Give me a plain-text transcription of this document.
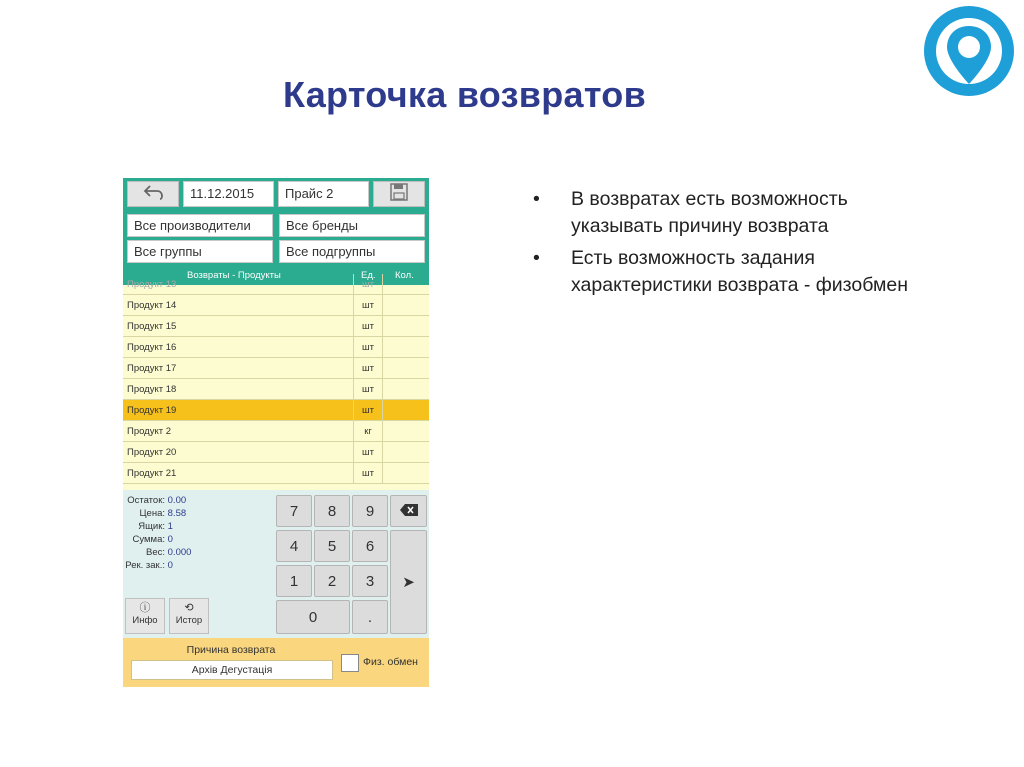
Карточка возвратов
•	В возвратах есть возможность указывать причину возврата
•	Есть возможность задания характеристики возврата - физобмен
11.12.2015	Прайс 2
Все производители	Все бренды
Все группы	Все подгруппы
Возвраты - Продукты	Ед. Кол.
Продукт 13	шт
Продукт 14	шт
Продукт 15	шт
Продукт 16	шт
Продукт 17	шт
Продукт 18	шт
Продукт 19	шт
Продукт 2	кг
Продукт 20	шт
Продукт 21	шт
Остаток: 0.00
Цена: 8.58
Ящик: 1
Сумма: 0
Вес: 0.000
Рек. зак.: 0
ⓘ
Инфо
⟲
Истор
7	8	9
4	5	6
➤
1	2	3
0	.
Причина возврата
Архів Дегустація
Физ. обмен
